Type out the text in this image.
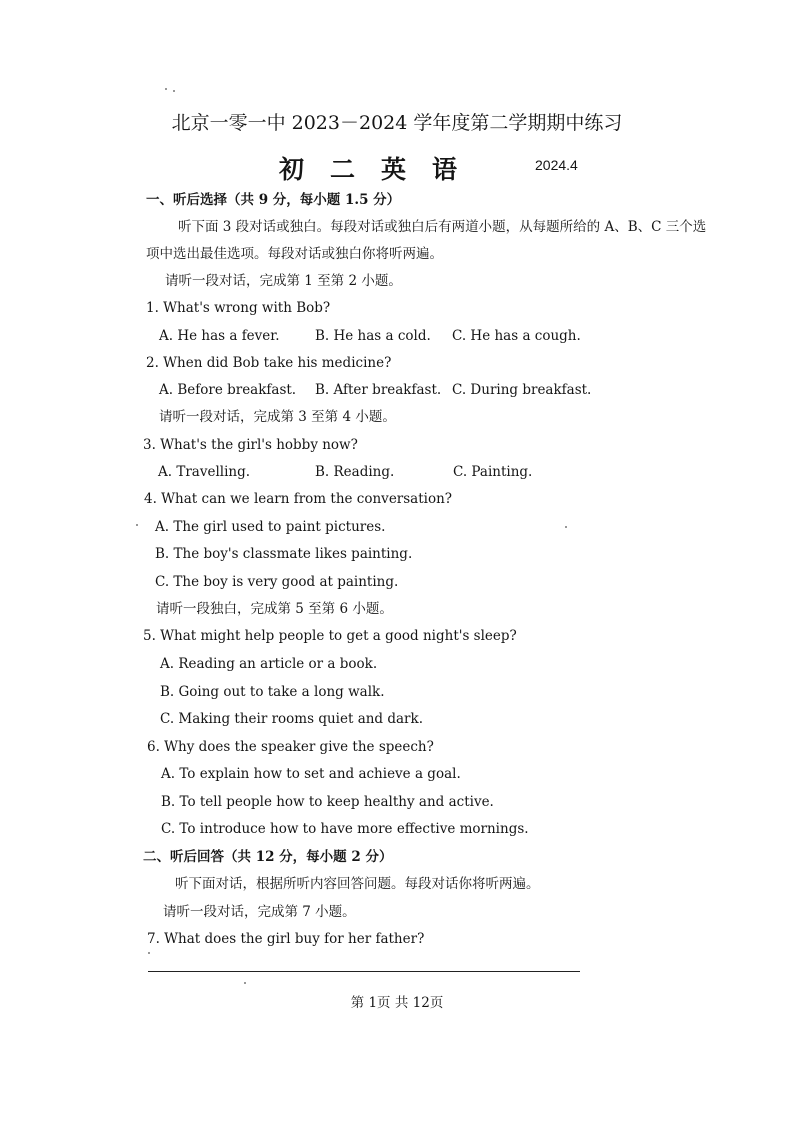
北京一零一中 2023－2024 学年度第二学期期中练习
初二英语	2024.4
一、听后选择（共 9 分，每小题 1.5 分）
听下面 3 段对话或独白。每段对话或独白后有两道小题，从每题所给的 A、B、C 三个选
项中选出最佳选项。每段对话或独白你将听两遍。
请听一段对话，完成第 1 至第 2 小题。
1. What's wrong with Bob?
A. He has a fever.	B. He has a cold. C. He has a cough.
2. When did Bob take his medicine?
A. Before breakfast. B. After breakfast. C. During breakfast.
请听一段对话，完成第 3 至第 4 小题。
3. What's the girl's hobby now?
A. Travelling.	B. Reading.	C. Painting.
4. What can we learn from the conversation?
A. The girl used to paint pictures.
B. The boy's classmate likes painting.
C. The boy is very good at painting.
请听一段独白，完成第 5 至第 6 小题。
5. What might help people to get a good night's sleep?
A. Reading an article or a book.
B. Going out to take a long walk.
C. Making their rooms quiet and dark.
6. Why does the speaker give the speech?
A. To explain how to set and achieve a goal.
B. To tell people how to keep healthy and active.
C. To introduce how to have more effective mornings.
二、听后回答（共 12 分，每小题 2 分）
听下面对话，根据所听内容回答问题。每段对话你将听两遍。
请听一段对话，完成第 7 小题。
7. What does the girl buy for her father?
第 1页 共 12页
